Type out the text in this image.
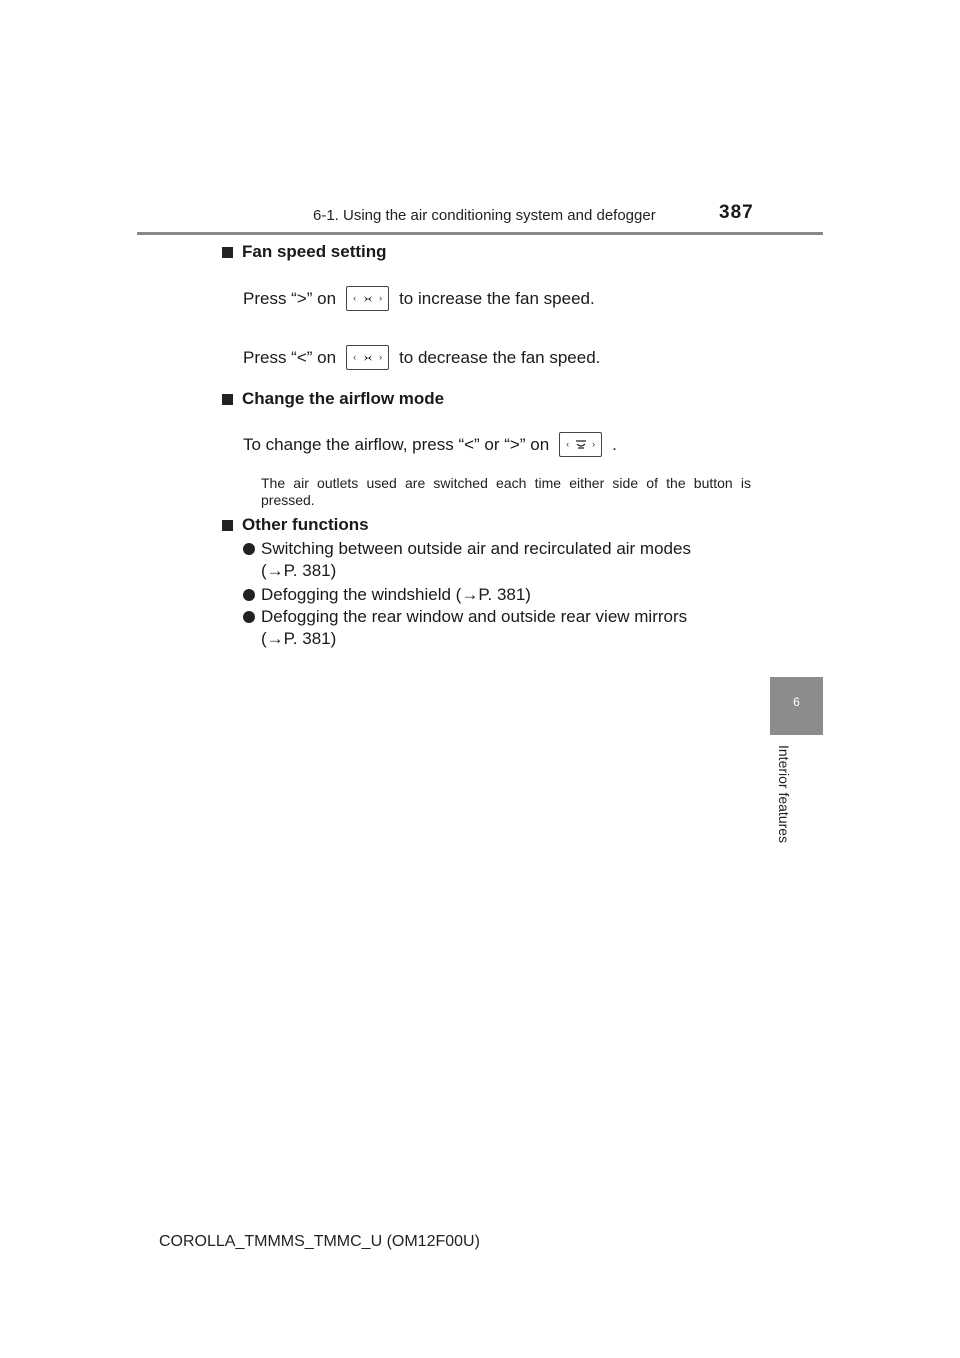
6-1. Using the air conditioning system and defogger	387
6
Interior features
Fan speed setting
Press “>” on ‹	› to increase the fan speed.
Press “<” on ‹	› to decrease the fan speed.
Change the airflow mode
To change the airflow, press “<” or “>” on ‹	› .
The air outlets used are switched each time either side of the button is pressed.
Other functions
Switching between outside air and recirculated air modes
(→P. 381)
Defogging the windshield (→P. 381)
Defogging the rear window and outside rear view mirrors
(→P. 381)
COROLLA_TMMMS_TMMC_U (OM12F00U)
